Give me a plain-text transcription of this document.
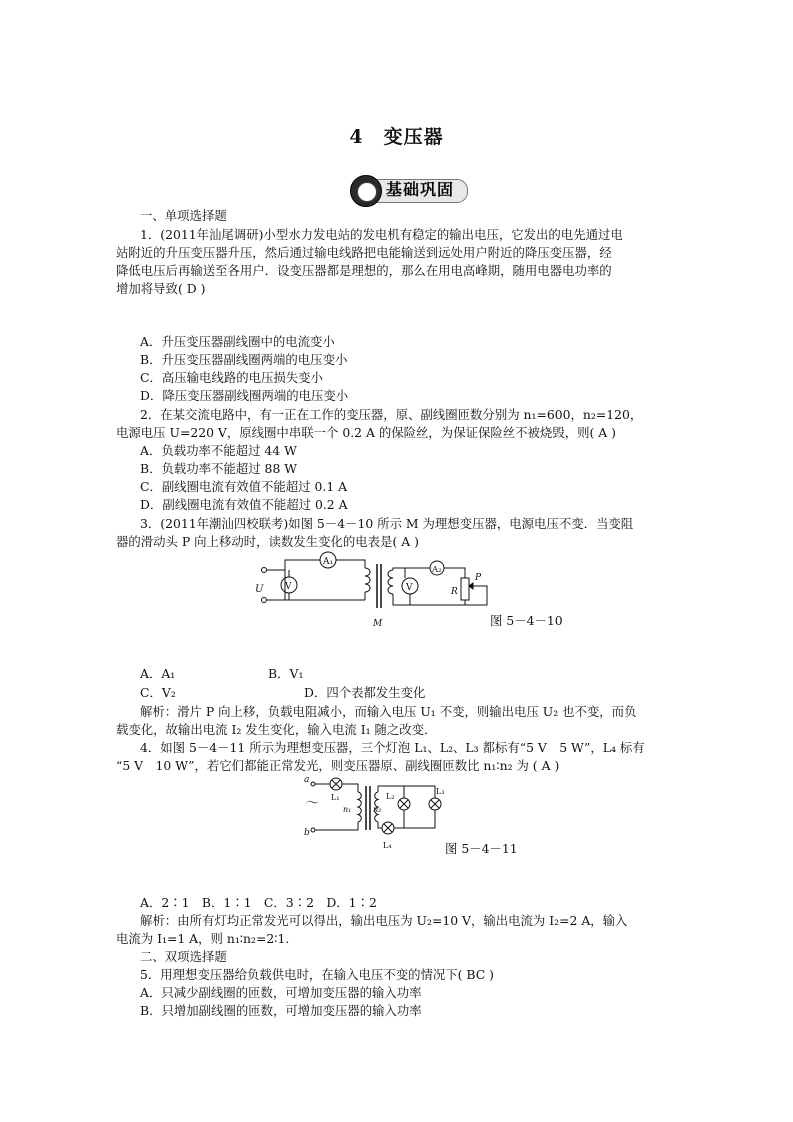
4　变压器
基础巩固
一、单项选择题
1．(2011年汕尾调研)小型水力发电站的发电机有稳定的输出电压，它发出的电先通过电
站附近的升压变压器升压，然后通过输电线路把电能输送到远处用户附近的降压变压器，经
降低电压后再输送至各用户．设变压器都是理想的，那么在用电高峰期，随用电器电功率的
增加将导致( D )
A．升压变压器副线圈中的电流变小
B．升压变压器副线圈两端的电压变小
C．高压输电线路的电压损失变小
D．降压变压器副线圈两端的电压变小
2．在某交流电路中，有一正在工作的变压器，原、副线圈匝数分别为 n₁=600，n₂=120，
电源电压 U=220 V，原线圈中串联一个 0.2 A 的保险丝，为保证保险丝不被烧毁，则( A )
A．负载功率不能超过 44 W
B．负载功率不能超过 88 W
C．副线圈电流有效值不能超过 0.1 A
D．副线圈电流有效值不能超过 0.2 A
3．(2011年潮汕四校联考)如图 5－4－10 所示 M 为理想变压器，电源电压不变．当变阻
器的滑动头 P 向上移动时，读数发生变化的电表是( A )
U
A₁
V
M
A₂
V	R
P
图 5－4－10
A．A₁	B．V₁
C．V₂	D．四个表都发生变化
解析：滑片 P 向上移，负载电阻减小，而输入电压 U₁ 不变，则输出电压 U₂ 也不变，而负
载变化，故输出电流 I₂ 发生变化，输入电流 I₁ 随之改变．
4．如图 5－4－11 所示为理想变压器，三个灯泡 L₁、L₂、L₃ 都标有“5 V　5 W”，L₄ 标有
“5 V　10 W”，若它们都能正常发光，则变压器原、副线圈匝数比 n₁∶n₂ 为 ( A )
a
b
～ L₁
n₁	n₂
L₂
L₃
L₄	图 5－4－11
A．2∶1　B．1∶1　C．3∶2　D．1∶2
解析：由所有灯均正常发光可以得出，输出电压为 U₂=10 V，输出电流为 I₂=2 A，输入
电流为 I₁=1 A，则 n₁∶n₂=2∶1.
二、双项选择题
5．用理想变压器给负载供电时，在输入电压不变的情况下( BC )
A．只减少副线圈的匝数，可增加变压器的输入功率
B．只增加副线圈的匝数，可增加变压器的输入功率
